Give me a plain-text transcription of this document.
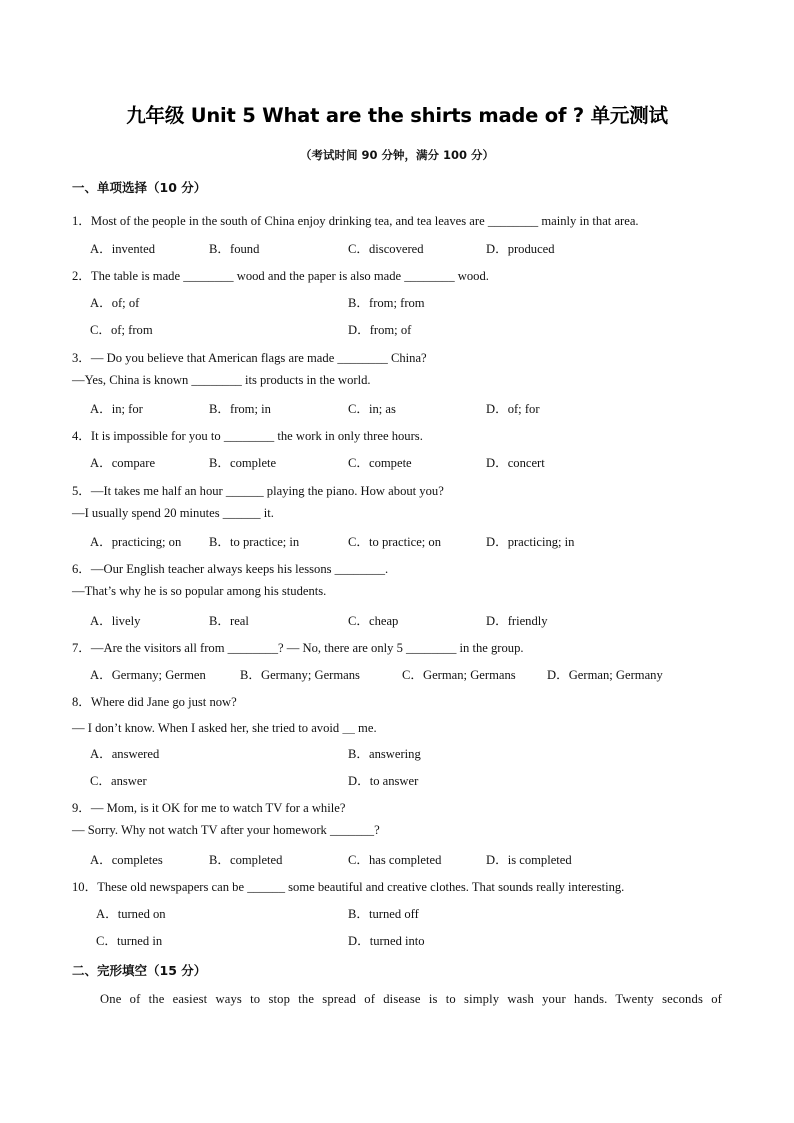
九年级 Unit 5 What are the shirts made of ? 单元测试
（考试时间 90 分钟，满分 100 分）
一、单项选择（10 分）
1．Most of the people in the south of China enjoy drinking tea, and tea leaves are ________ mainly in that area.
A．invented	B．found	C．discovered	D．produced
2．The table is made ________ wood and the paper is also made ________ wood.
A．of; of	B．from; from
C．of; from	D．from; of
3．— Do you believe that American flags are made ________ China?
—Yes, China is known ________ its products in the world.
A．in; for	B．from; in	C．in; as	D．of; for
4．It is impossible for you to ________ the work in only three hours.
A．compare	B．complete	C．compete	D．concert
5．—It takes me half an hour ______ playing the piano. How about you?
—I usually spend 20 minutes ______ it.
A．practicing; on B．to practice; in	C．to practice; on	D．practicing; in
6．—Our English teacher always keeps his lessons ________.
—That’s why he is so popular among his students.
A．lively	B．real	C．cheap	D．friendly
7．—Are the visitors all from ________? — No, there are only 5 ________ in the group.
A．Germany; Germen	B．Germany; Germans	C．German; Germans D．German; Germany
8．Where did Jane go just now?
— I don’t know. When I asked her, she tried to avoid ＿ me.
A．answered	B．answering
C．answer	D．to answer
9．— Mom, is it OK for me to watch TV for a while?
— Sorry. Why not watch TV after your homework _______?
A．completes	B．completed	C．has completed	D．is completed
10．These old newspapers can be ______ some beautiful and creative clothes. That sounds really interesting.
A．turned on	B．turned off
C．turned in	D．turned into
二、完形填空（15 分）
One of the easiest ways to stop the spread of disease is to simply wash your hands. Twenty seconds of
